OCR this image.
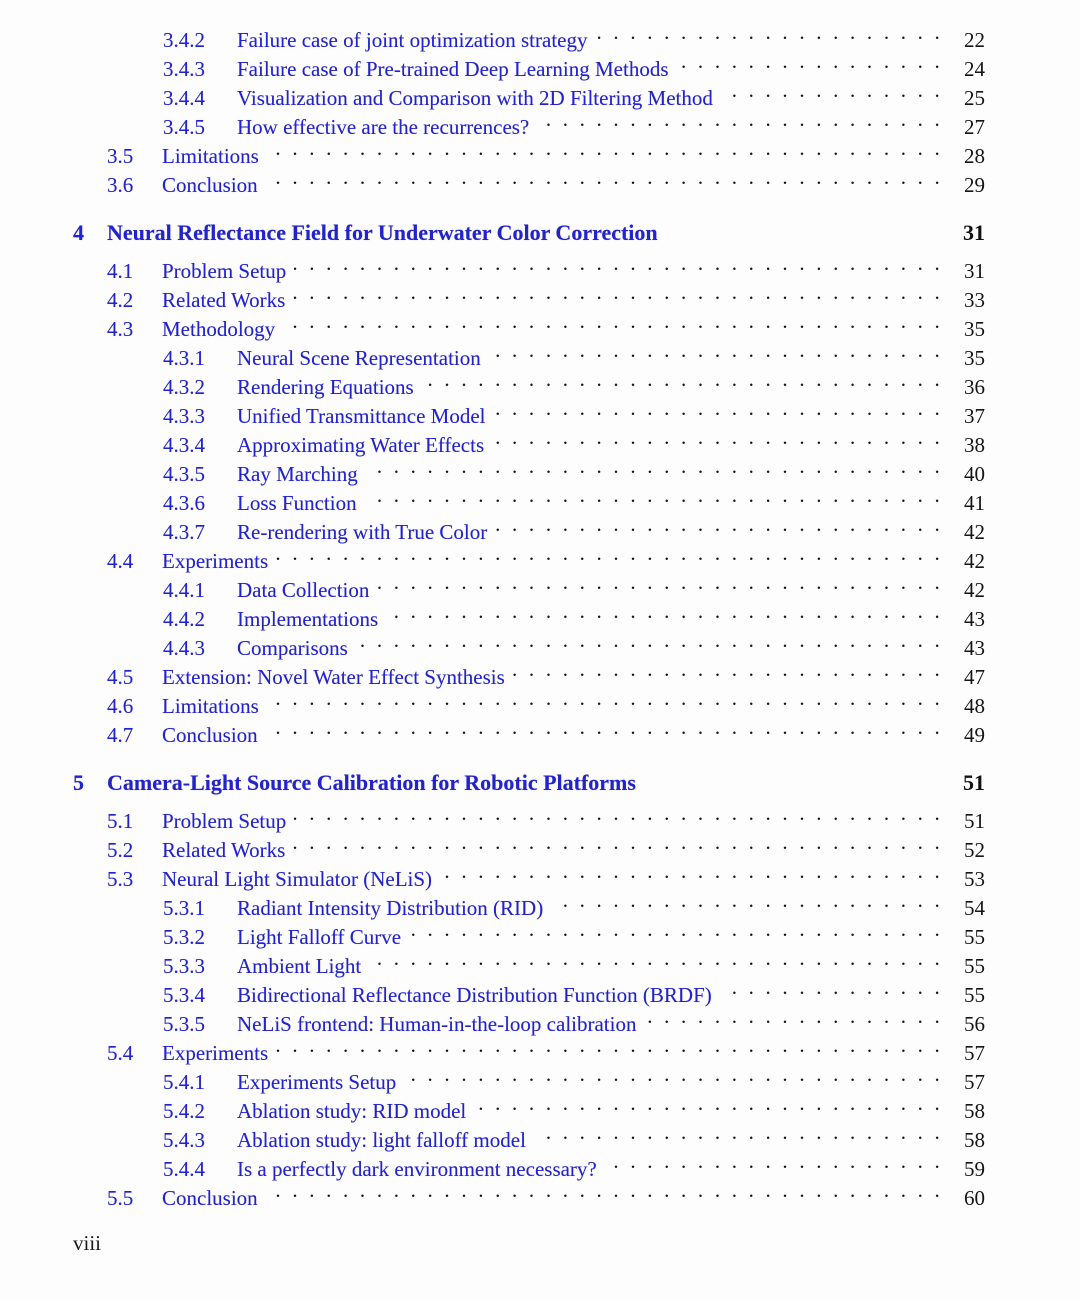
3.4.2	Failure case of joint optimization strategy . . .	22
3.4.3	Failure case of Pre-trained Deep Learning Methods . . .	24
3.4.4	Visualization and Comparison with 2D Filtering Method . . .	25
3.4.5	How effective are the recurrences? . . .	27
3.5	Limitations . . .	28
3.6	Conclusion . . .	29
4	Neural Reflectance Field for Underwater Color Correction	31
4.1	Problem Setup . . .	31
4.2	Related Works . . .	33
4.3	Methodology . . .	35
4.3.1	Neural Scene Representation . . .	35
4.3.2	Rendering Equations . . .	36
4.3.3	Unified Transmittance Model . . .	37
4.3.4	Approximating Water Effects . . .	38
4.3.5	Ray Marching . . .	40
4.3.6	Loss Function . . .	41
4.3.7	Re-rendering with True Color . . .	42
4.4	Experiments . . .	42
4.4.1	Data Collection . . .	42
4.4.2	Implementations . . .	43
4.4.3	Comparisons . . .	43
4.5	Extension: Novel Water Effect Synthesis . . .	47
4.6	Limitations . . .	48
4.7	Conclusion . . .	49
5	Camera-Light Source Calibration for Robotic Platforms	51
5.1	Problem Setup . . .	51
5.2	Related Works . . .	52
5.3	Neural Light Simulator (NeLiS) . . .	53
5.3.1	Radiant Intensity Distribution (RID) . . .	54
5.3.2	Light Falloff Curve . . .	55
5.3.3	Ambient Light . . .	55
5.3.4	Bidirectional Reflectance Distribution Function (BRDF) . . .	55
5.3.5	NeLiS frontend: Human-in-the-loop calibration . . .	56
5.4	Experiments . . .	57
5.4.1	Experiments Setup . . .	57
5.4.2	Ablation study: RID model . . .	58
5.4.3	Ablation study: light falloff model . . .	58
5.4.4	Is a perfectly dark environment necessary? . . .	59
5.5	Conclusion . . .	60
viii
